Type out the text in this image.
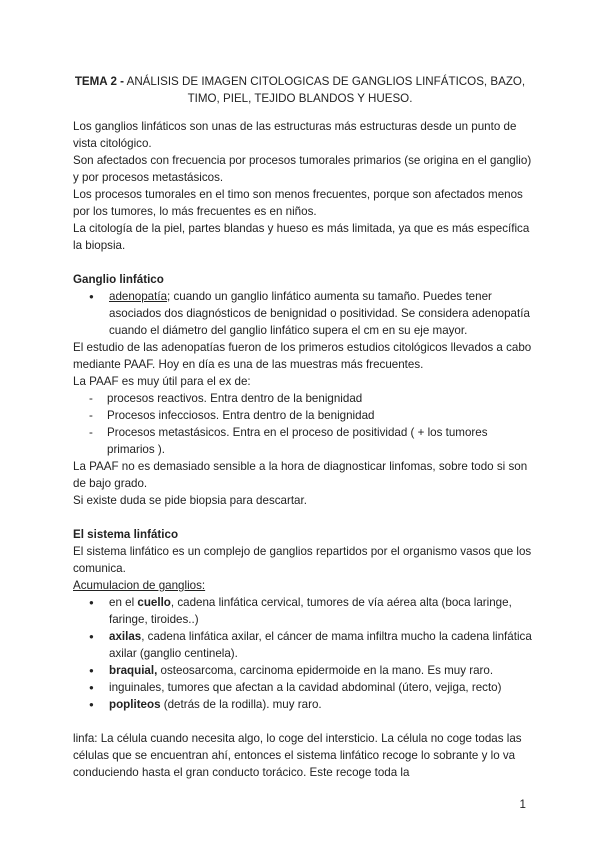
TEMA 2 - ANÁLISIS DE IMAGEN CITOLOGICAS DE GANGLIOS LINFÁTICOS, BAZO, TIMO, PIEL, TEJIDO BLANDOS Y HUESO.

Los ganglios linfáticos son unas de las estructuras más estructuras desde un punto de vista citológico.

Son afectados con frecuencia por procesos tumorales primarios (se origina en el ganglio) y por procesos metastásicos.

Los procesos tumorales en el timo son menos frecuentes, porque son afectados menos por los tumores, lo más frecuentes es en niños.

La citología de la piel, partes blandas y hueso es más limitada, ya que es más específica la biopsia.

Ganglio linfático

● adenopatía; cuando un ganglio linfático aumenta su tamaño. Puedes tener asociados dos diagnósticos de benignidad o positividad. Se considera adenopatía cuando el diámetro del ganglio linfático supera el cm en su eje mayor.

El estudio de las adenopatías fueron de los primeros estudios citológicos llevados a cabo mediante PAAF. Hoy en día es una de las muestras más frecuentes.

La PAAF es muy útil para el ex de:

- procesos reactivos. Entra dentro de la benignidad
- Procesos infecciosos. Entra dentro de la benignidad
- Procesos metastásicos. Entra en el proceso de positividad ( + los tumores primarios ).

La PAAF no es demasiado sensible a la hora de diagnosticar linfomas, sobre todo si son de bajo grado.

Si existe duda se pide biopsia para descartar.

El sistema linfático

El sistema linfático es un complejo de ganglios repartidos por el organismo vasos que los comunica.

Acumulacion de ganglios:

● en el cuello, cadena linfática cervical, tumores de vía aérea alta (boca laringe, faringe, tiroides..)
● axilas, cadena linfática axilar, el cáncer de mama infiltra mucho la cadena linfática axilar (ganglio centinela).
● braquial, osteosarcoma, carcinoma epidermoide en la mano. Es muy raro.
● inguinales, tumores que afectan a la cavidad abdominal (útero, vejiga, recto)
● popliteos (detrás de la rodilla). muy raro.

linfa: La célula cuando necesita algo, lo coge del intersticio. La célula no coge todas las células que se encuentran ahí, entonces el sistema linfático recoge lo sobrante y lo va conduciendo hasta el gran conducto torácico. Este recoge toda la

1
